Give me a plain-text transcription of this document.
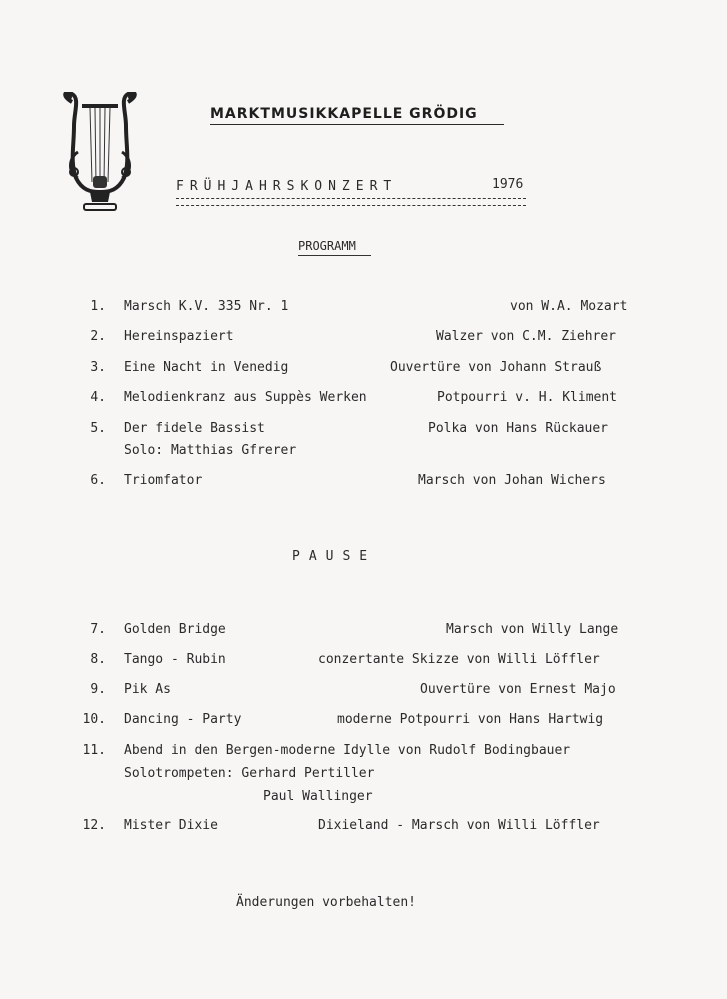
MARKTMUSIKKAPELLE GRÖDIG
FRÜHJAHRSKONZERT	1976
PROGRAMM
1. Marsch K.V. 335 Nr. 1	von W.A. Mozart
2. Hereinspaziert	Walzer von C.M. Ziehrer
3. Eine Nacht in Venedig	Ouvertüre von Johann Strauß
4. Melodienkranz aus Suppès Werken	Potpourri v. H. Kliment
5. Der fidele Bassist	Polka von Hans Rückauer
Solo: Matthias Gfrerer
6. Triomfator	Marsch von Johan Wichers
PAUSE
7. Golden Bridge	Marsch von Willy Lange
8. Tango - Rubin	conzertante Skizze von Willi Löffler
9. Pik As	Ouvertüre von Ernest Majo
10. Dancing - Party	moderne Potpourri von Hans Hartwig
11. Abend in den Bergen-moderne Idylle von Rudolf Bodingbauer
Solotrompeten: Gerhard Pertiller
Paul Wallinger
12. Mister Dixie	Dixieland - Marsch von Willi Löffler
Änderungen vorbehalten!
